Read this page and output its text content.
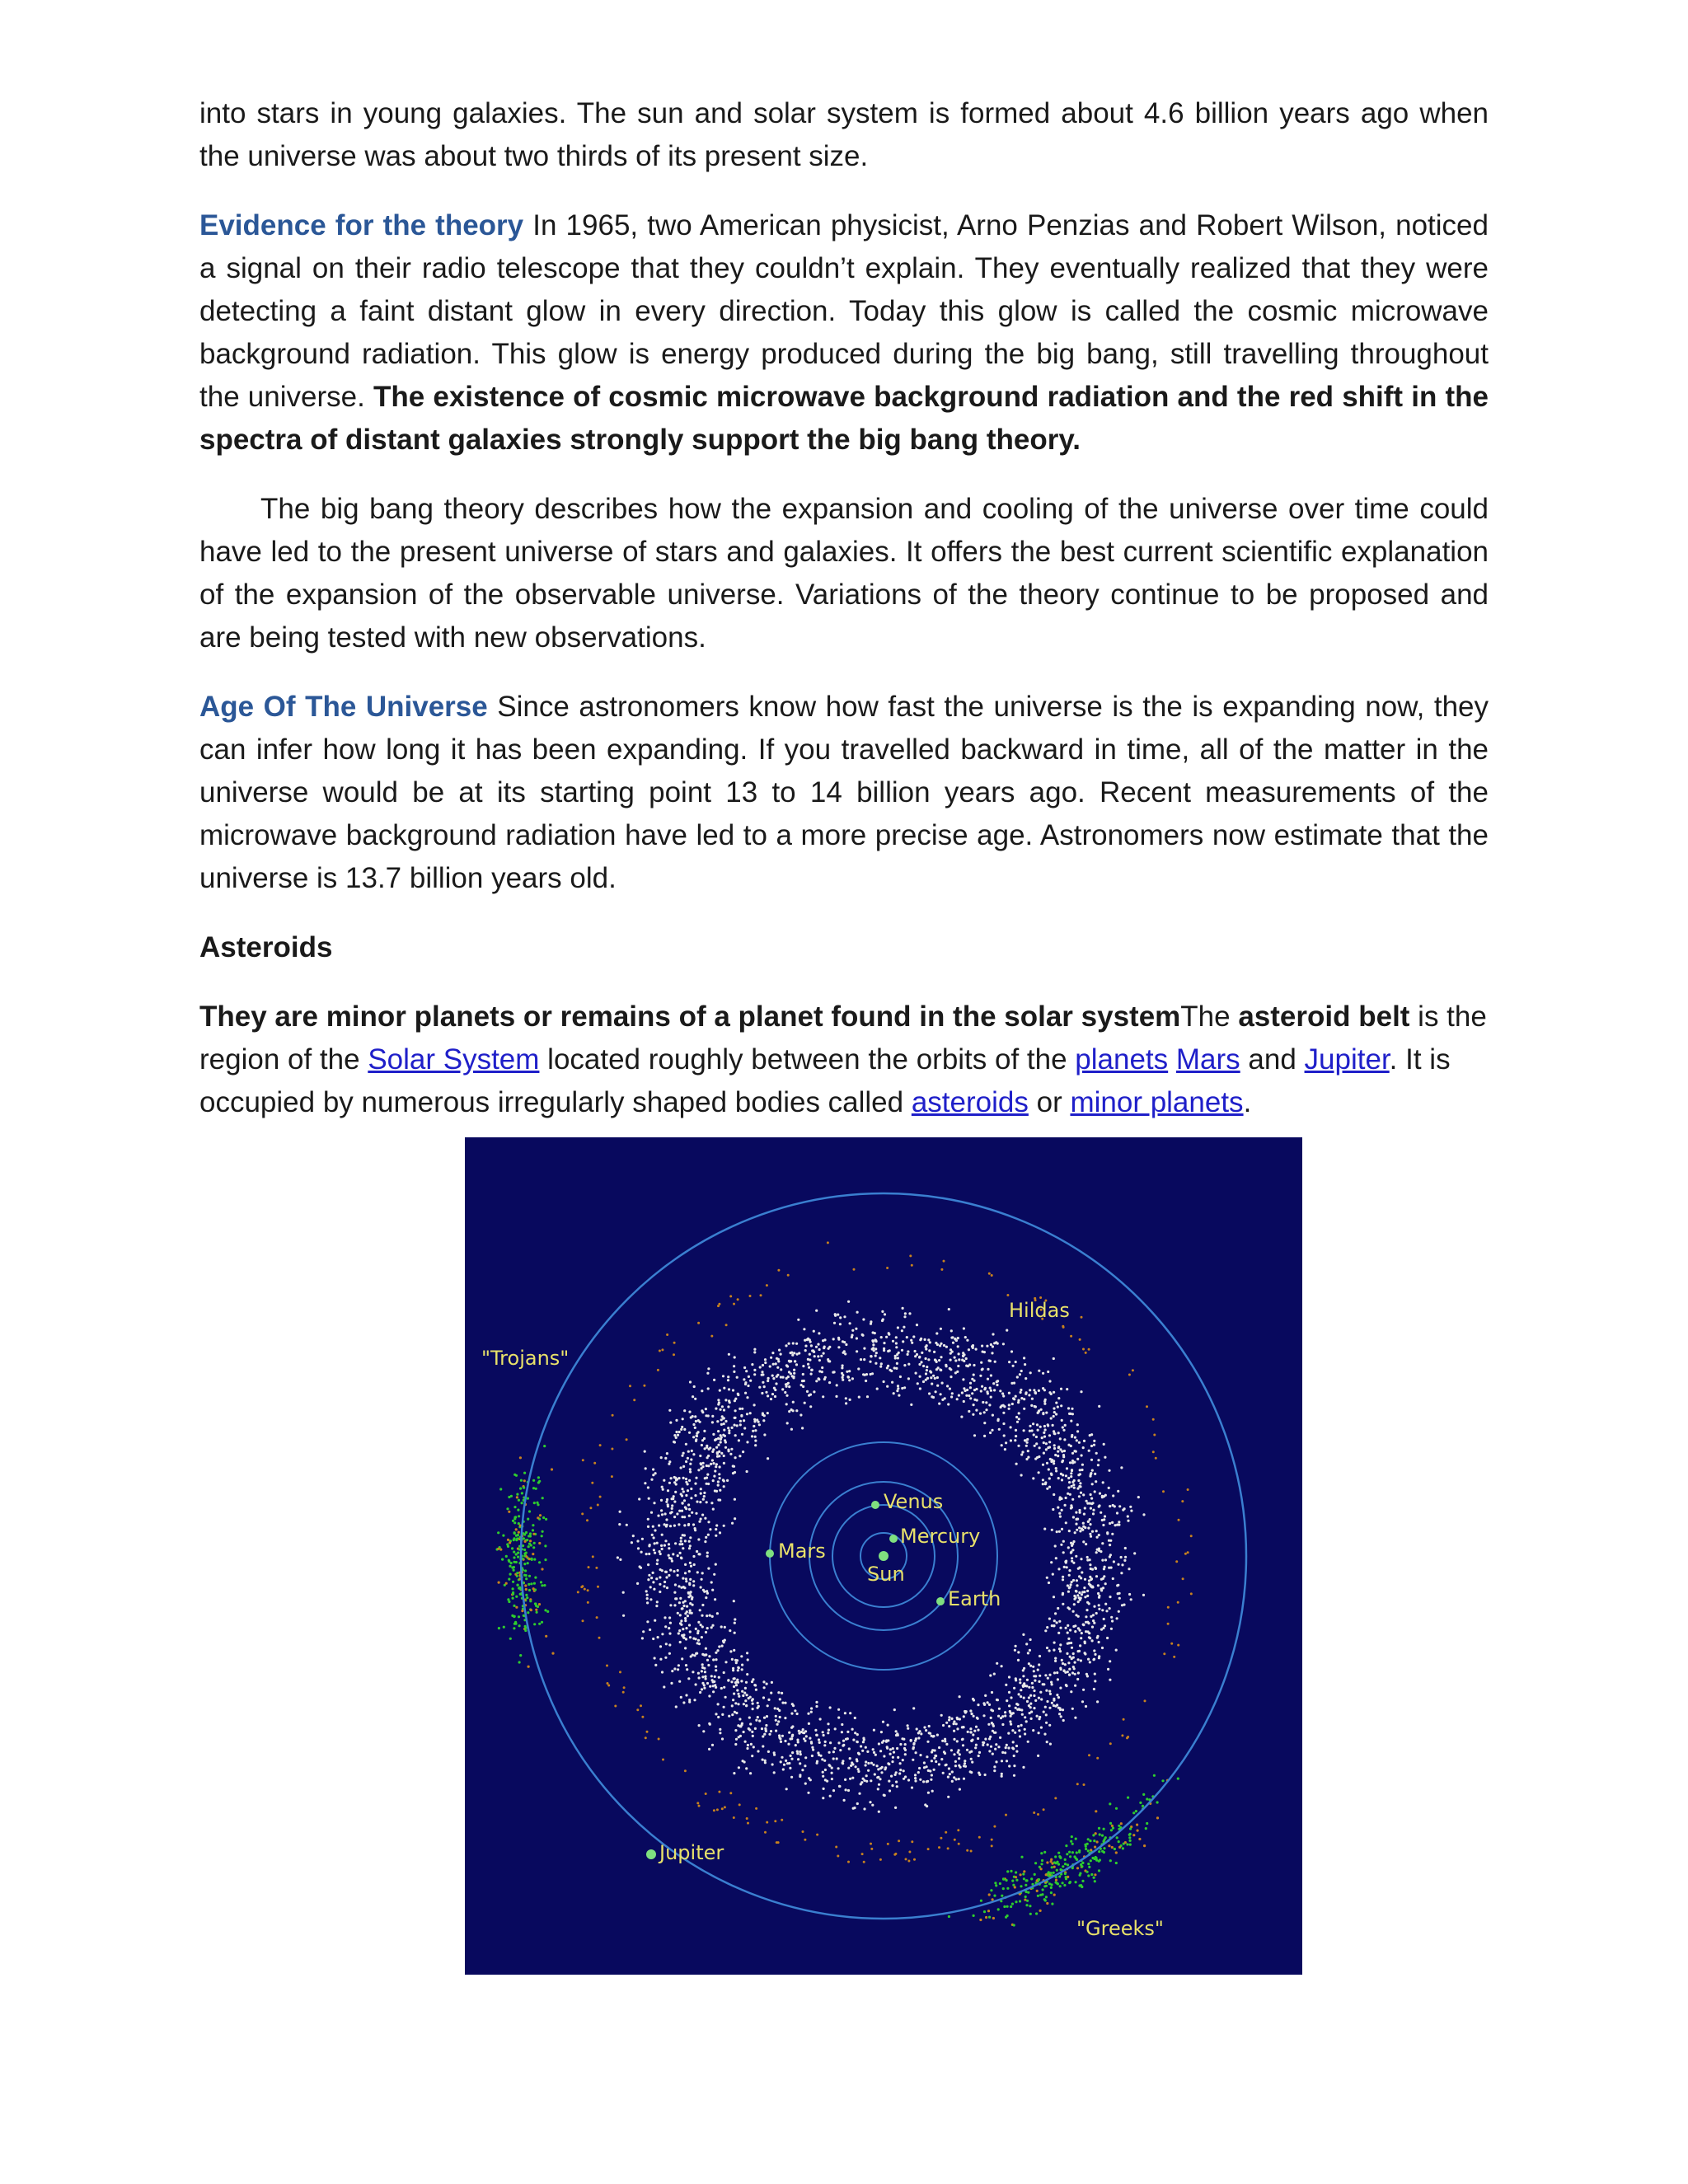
into stars in young galaxies. The sun and solar system is formed about 4.6 billion years ago when the universe was about two thirds of its present size.

Evidence for the theory In 1965, two American physicist, Arno Penzias and Robert Wilson, noticed a signal on their radio telescope that they couldn’t explain. They eventually realized that they were detecting a faint distant glow in every direction. Today this glow is called the cosmic microwave background radiation. This glow is energy produced during the big bang, still travelling throughout the universe. The existence of cosmic microwave background radiation and the red shift in the spectra of distant galaxies strongly support the big bang theory.

The big bang theory describes how the expansion and cooling of the universe over time could have led to the present universe of stars and galaxies. It offers the best current scientific explanation of the expansion of the observable universe. Variations of the theory continue to be proposed and are being tested with new observations.

Age Of The Universe Since astronomers know how fast the universe is the is expanding now, they can infer how long it has been expanding. If you travelled backward in time, all of the matter in the universe would be at its starting point 13 to 14 billion years ago. Recent measurements of the microwave background radiation have led to a more precise age. Astronomers now estimate that the universe is 13.7 billion years old.

Asteroids

They are minor planets or remains of a planet found in the solar systemThe asteroid belt is the region of the Solar System located roughly between the orbits of the planets Mars and Jupiter. It is occupied by numerous irregularly shaped bodies called asteroids or minor planets.

Hildas
"Trojans"
Venus
Mercury
Mars
Sun
Earth
Jupiter
"Greeks"
